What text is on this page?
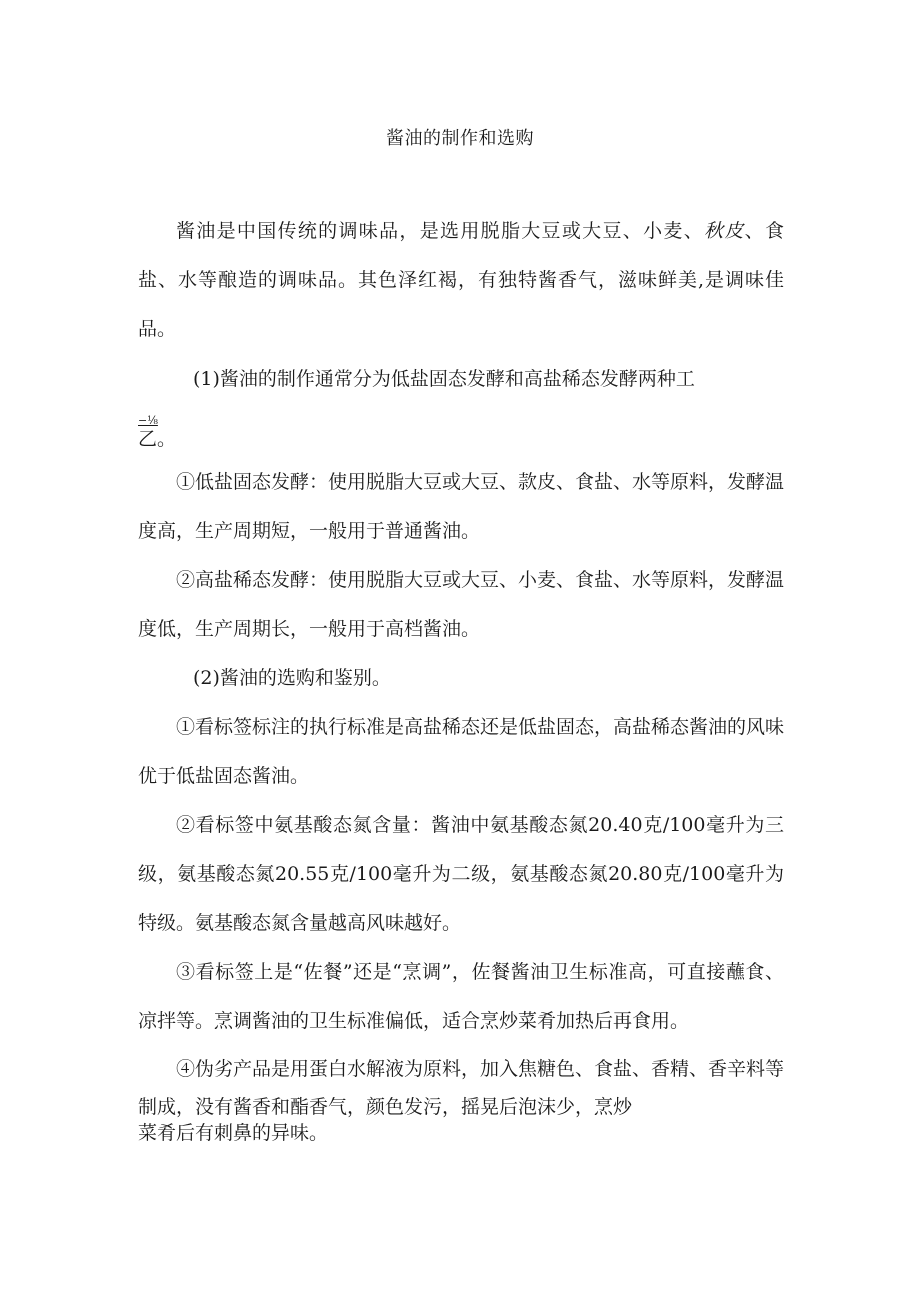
酱油的制作和选购

酱油是中国传统的调味品，是选用脱脂大豆或大豆、小麦、秋皮、食盐、水等酿造的调味品。其色泽红褐，有独特酱香气，滋味鲜美,是调味佳品。

(1)酱油的制作通常分为低盐固态发酵和高盐稀态发酵两种工

−⅛
乙。

①低盐固态发酵：使用脱脂大豆或大豆、款皮、食盐、水等原料，发酵温度高，生产周期短，一般用于普通酱油。

②高盐稀态发酵：使用脱脂大豆或大豆、小麦、食盐、水等原料，发酵温度低，生产周期长，一般用于高档酱油。

(2)酱油的选购和鉴别。

①看标签标注的执行标准是高盐稀态还是低盐固态，高盐稀态酱油的风味优于低盐固态酱油。

②看标签中氨基酸态氮含量：酱油中氨基酸态氮20.40克/100毫升为三级，氨基酸态氮20.55克/100毫升为二级，氨基酸态氮20.80克/100毫升为特级。氨基酸态氮含量越高风味越好。

③看标签上是“佐餐”还是“烹调”，佐餐酱油卫生标准高，可直接蘸食、凉拌等。烹调酱油的卫生标准偏低，适合烹炒菜肴加热后再食用。

④伪劣产品是用蛋白水解液为原料，加入焦糖色、食盐、香精、香辛料等制成，没有酱香和酯香气，颜色发污，摇晃后泡沫少，烹炒

菜肴后有刺鼻的异味。
